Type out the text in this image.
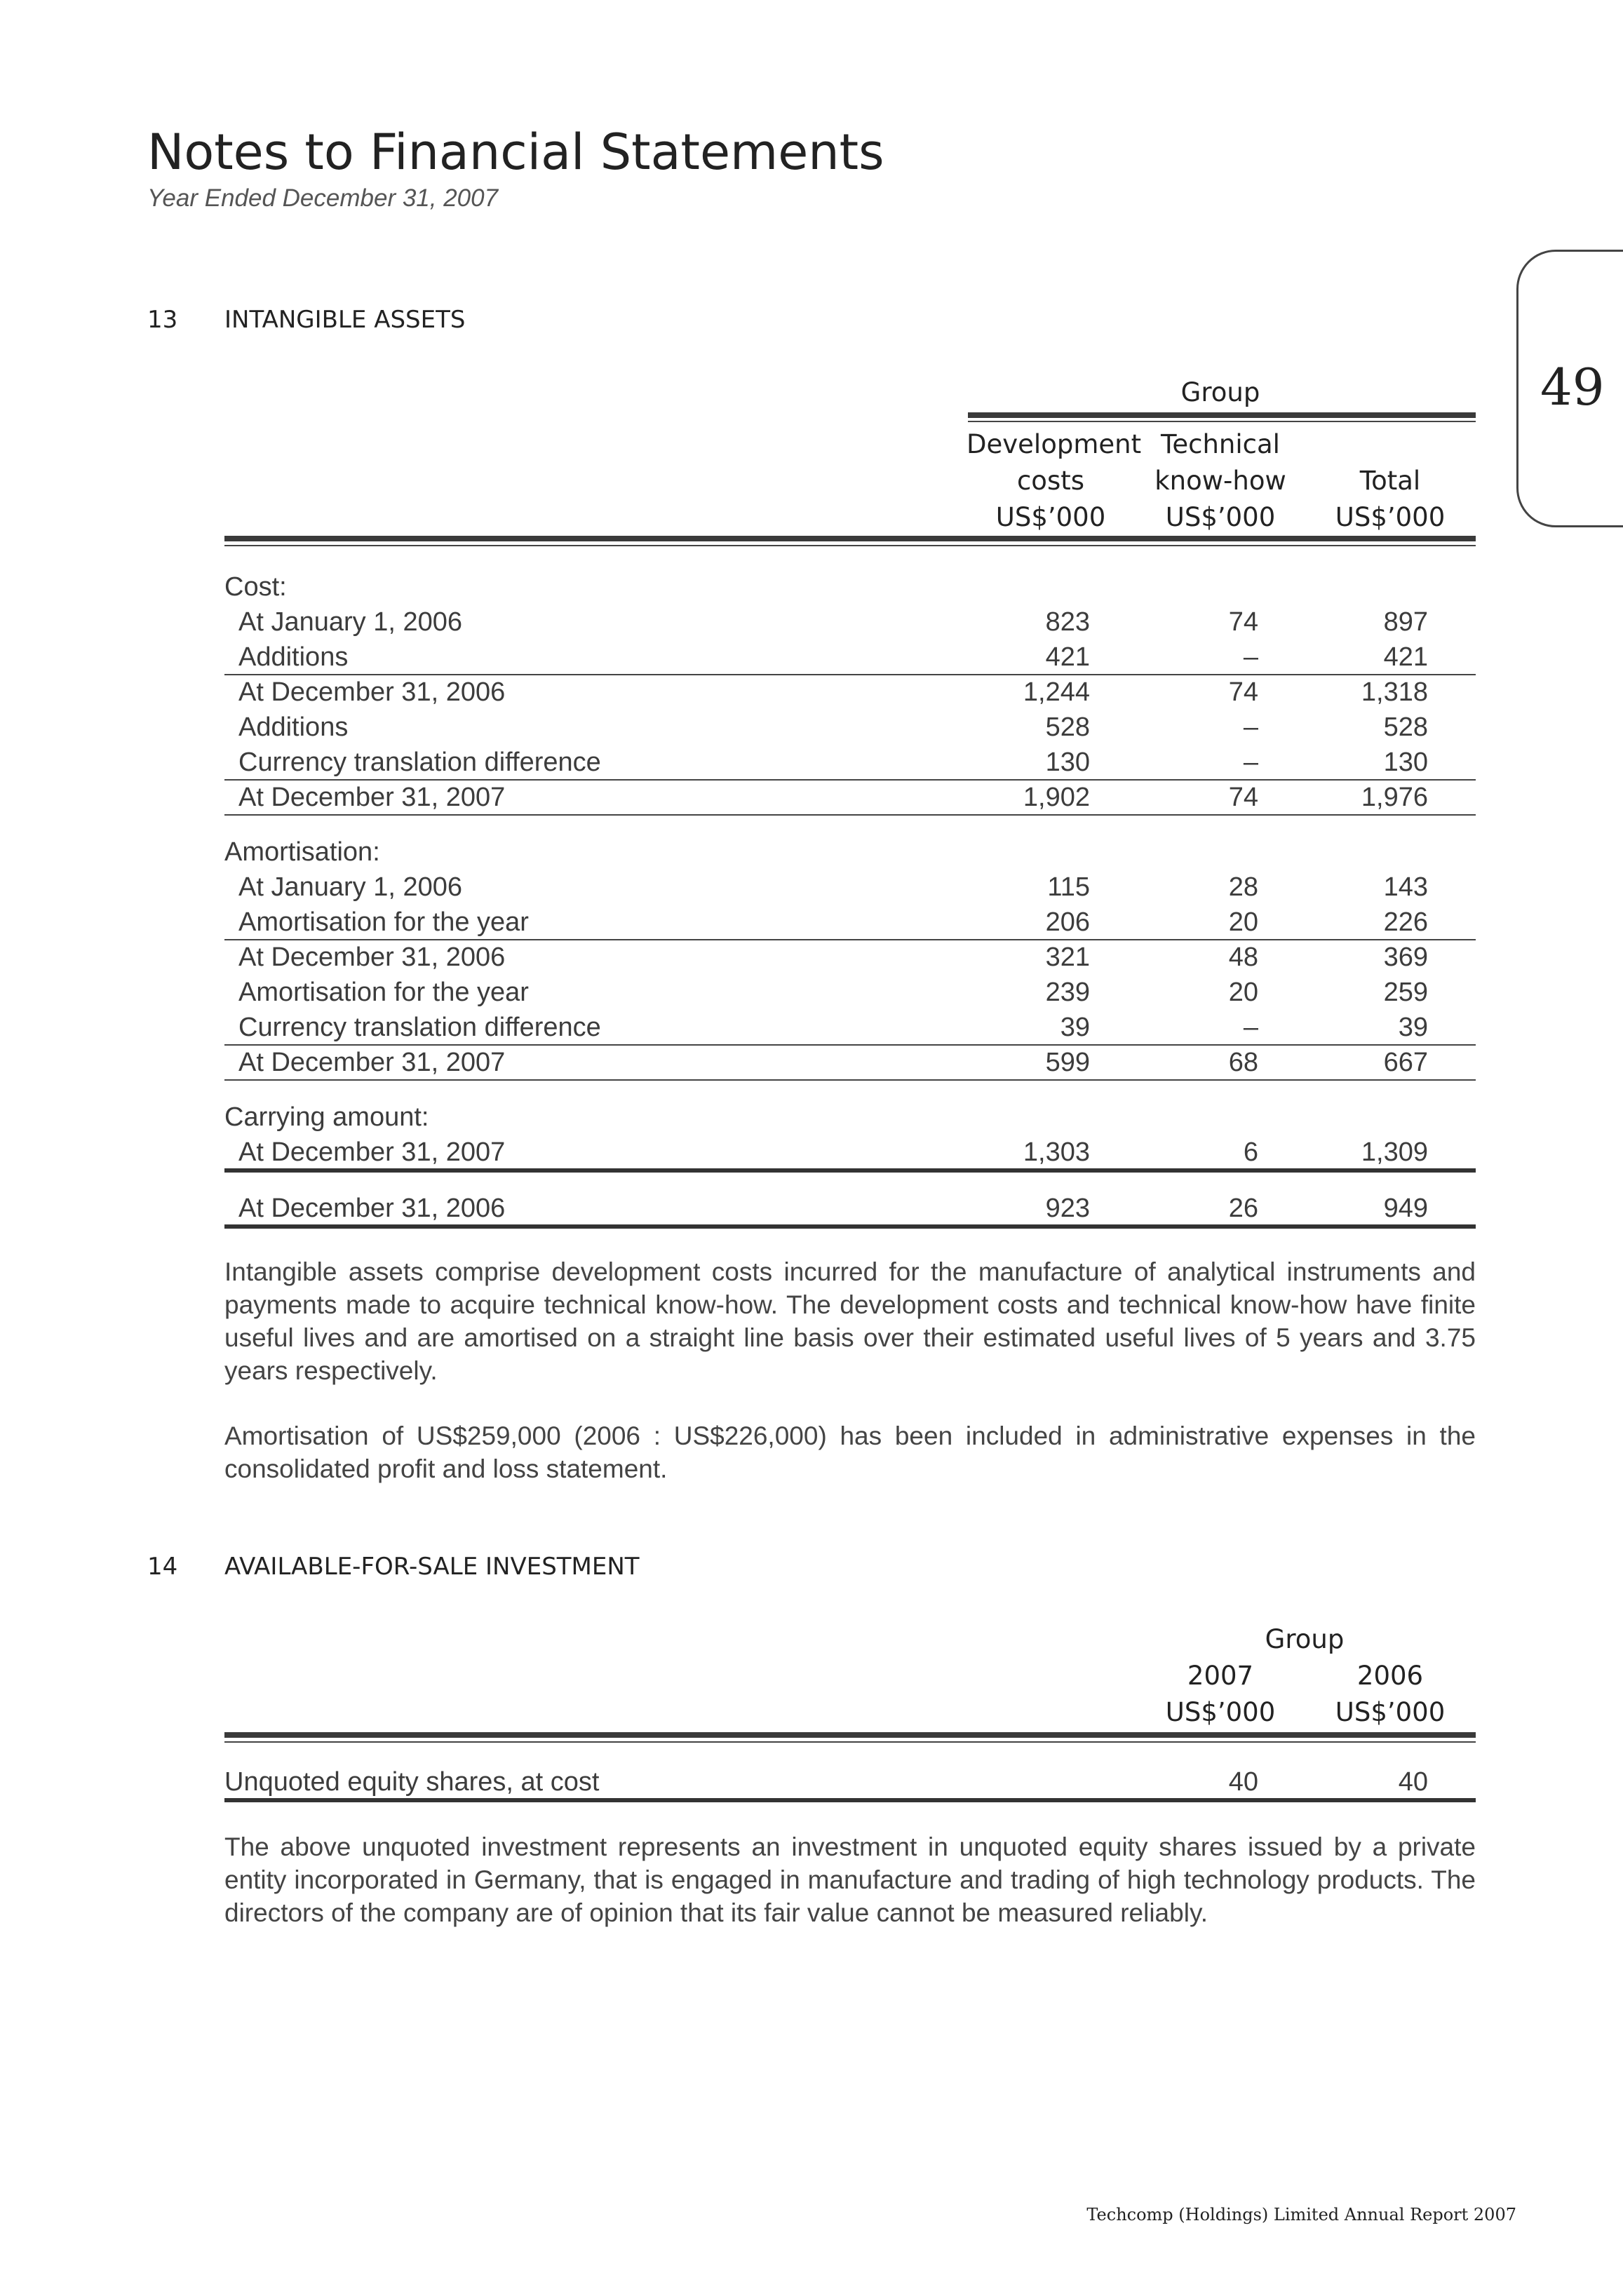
Notes to Financial Statements
Year Ended December 31, 2007
49
13 INTANGIBLE ASSETS
Group
Development
costs
US$’000
Technical
know-how
US$’000
Total
US$’000
Cost:
At January 1, 2006	823	74	897
Additions	421	–	421
At December 31, 2006	1,244	74	1,318
Additions	528	–	528
Currency translation difference	130	–	130
At December 31, 2007	1,902	74	1,976
Amortisation:
At January 1, 2006	115	28	143
Amortisation for the year	206	20	226
At December 31, 2006	321	48	369
Amortisation for the year	239	20	259
Currency translation difference	39	–	39
At December 31, 2007	599	68	667
Carrying amount:
At December 31, 2007	1,303	6	1,309
At December 31, 2006	923	26	949
Intangible assets comprise development costs incurred for the manufacture of analytical instruments and payments made to acquire technical know-how. The development costs and technical know-how have finite useful lives and are amortised on a straight line basis over their estimated useful lives of 5 years and 3.75 years respectively.
Amortisation of US$259,000 (2006 : US$226,000) has been included in administrative expenses in the consolidated profit and loss statement.
14 AVAILABLE-FOR-SALE INVESTMENT
Group
2007
US$’000
2006
US$’000
Unquoted equity shares, at cost	40	40
The above unquoted investment represents an investment in unquoted equity shares issued by a private entity incorporated in Germany, that is engaged in manufacture and trading of high technology products. The directors of the company are of opinion that its fair value cannot be measured reliably.
Techcomp (Holdings) Limited Annual Report 2007
